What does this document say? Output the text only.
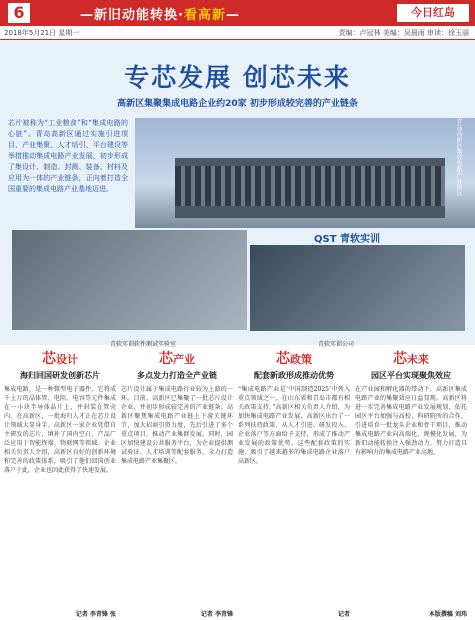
6	—新旧动能转换·看高新—	今日红岛
2018年5月21日 星期一	责编：卢冠林 美编：吴晨雨 审读：徐玉丽
专芯发展 创芯未来
高新区集聚集成电路企业约20家 初步形成较完善的产业链条
芯片被称为“工业粮食”和“集成电路的心脏”。青岛高新区通过实施引进项目、产业集聚、人才培引、平台建设等举措推动集成电路产业发展，初步形成了集设计、制造、封测、装备、材料及应用为一体的产业链条，正向着打造全国重要的集成电路产业基地迈进。	青岛高新区集成电路产业园区
QST 青软实训
青软实训软件测试实验室	青软实训公司
芯设计
海归回国研发创新芯片
集成电路，是一种微型电子器件。它将成千上万的晶体管、电阻、电容等元件集成在一小块半导体晶片上，并封装在管壳内。在高新区，一批海归人才正在芯片设计领域大显身手。高新区一家企业凭借自主研发的芯片，填补了国内空白，产品广泛应用于智能终端、物联网等领域。企业相关负责人介绍，高新区良好的创新环境和完善的政策体系，吸引了他们回国创业落户于此，企业也因此获得了快速发展。
记者 李青锋 张
芯产业
多点发力打造全产业链
芯片设计属于集成电路行业较为上游的一环。目前，高新区已集聚了一批芯片设计企业，并初步形成较完善的产业链条。高新区聚焦集成电路产业链上下游关键环节，加大招商引资力度，先后引进了多个重点项目，推动产业集群发展。同时，园区加快建设公共服务平台，为企业提供测试验证、人才培训等配套服务，全力打造集成电路产业集聚区。
记者 李青锋
芯政策
配套新政形成推动优势
“集成电路产业是‘中国制造2025’中列入重点领域之一，在山东省和青岛市都有相关政策支持。”高新区相关负责人介绍，为加快集成电路产业发展，高新区出台了一系列扶持政策，从人才引进、研发投入、企业落户等方面给予支持，形成了推动产业发展的政策优势。这些配套政策的实施，吸引了越来越多的集成电路企业落户高新区。
记者
芯未来
园区平台实现聚焦效应
在产业园和孵化器的带动下，高新区集成电路产业的集聚效应日益显现。高新区将进一步完善集成电路产业发展规划，依托园区平台加强与高校、科研院所的合作，引进培育一批龙头企业和骨干项目，推动集成电路产业向高端化、规模化发展，为新旧动能转换注入强劲动力，努力打造具有影响力的集成电路产业高地。
本版撰稿 刘玮
